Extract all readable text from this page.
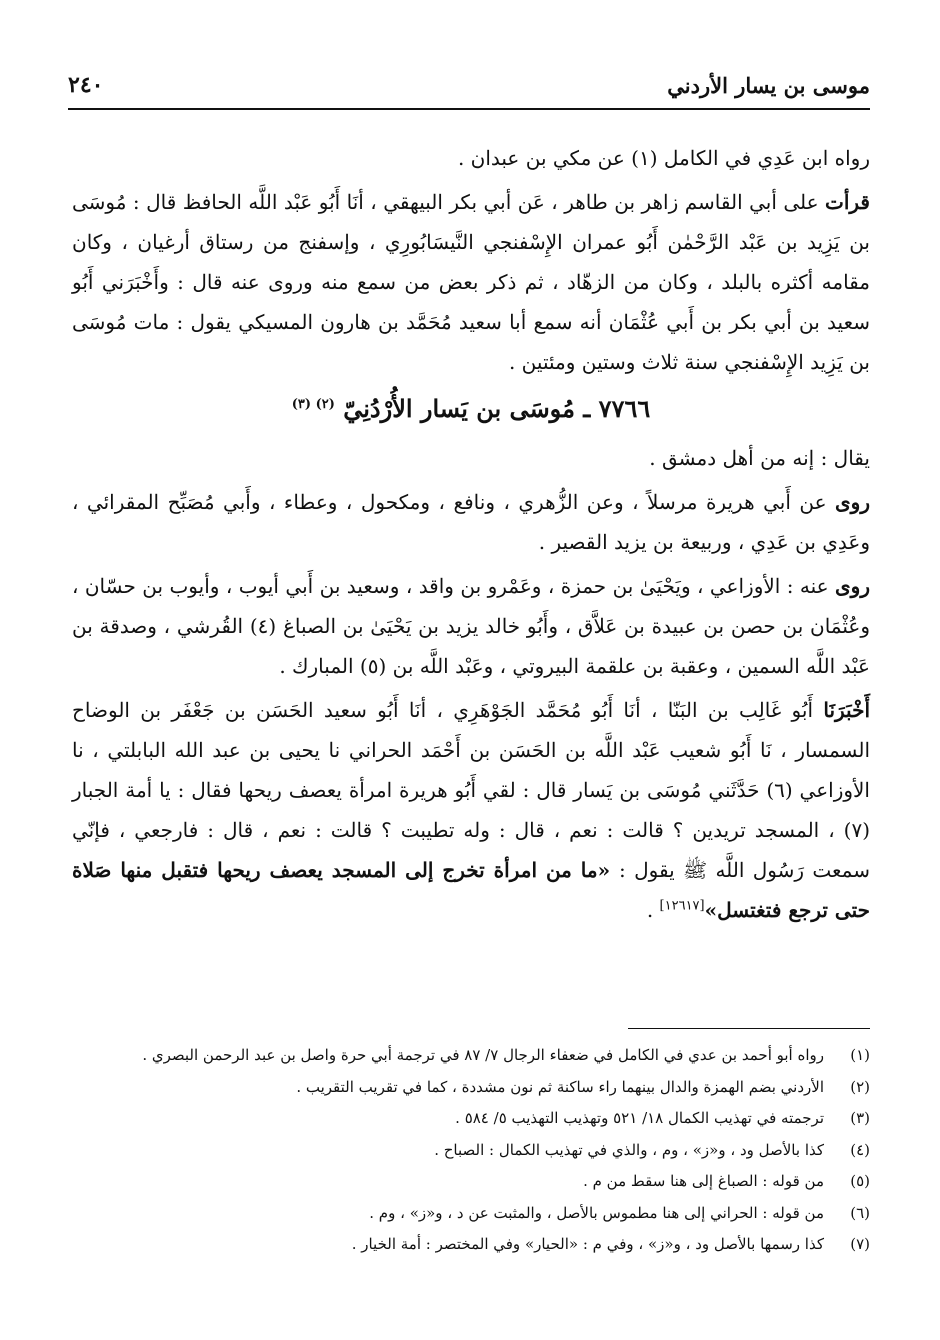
٢٤٠	موسى بن يسار الأردني

رواه ابن عَدِي في الكامل (١) عن مكي بن عبدان .

قرأت على أبي القاسم زاهر بن طاهر ، عَن أبي بكر البيهقي ، أنَا أَبُو عَبْد اللَّه الحافظ قال : مُوسَى بن يَزِيد بن عَبْد الرَّحْمٰن أَبُو عمران الإِسْفنجي النَّيسَابُورِي ، وإسفنج من رستاق أرغيان ، وكان مقامه أكثره بالبلد ، وكان من الزهّاد ، ثم ذكر بعض من سمع منه وروى عنه قال : وأَخْبَرَني أَبُو سعيد بن أبي بكر بن أَبي عُثْمَان أنه سمع أبا سعيد مُحَمَّد بن هارون المسيكي يقول : مات مُوسَى بن يَزِيد الإِسْفنجي سنة ثلاث وستين ومئتين .

٧٧٦٦ ـ مُوسَى بن يَسار الأُرْدُنِيّ $^{(٢) (٣)}$

يقال : إنه من أهل دمشق .

روى عن أَبي هريرة مرسلاً ، وعن الزُّهري ، ونافع ، ومكحول ، وعطاء ، وأَبي مُصَبِّح المقرائي ، وعَدِي بن عَدِي ، وربيعة بن يزيد القصير .

روى عنه : الأوزاعي ، ويَحْيَىٰ بن حمزة ، وعَمْرو بن واقد ، وسعيد بن أَبي أيوب ، وأيوب بن حسّان ، وعُثْمَان بن حصن بن عبيدة بن عَلاَّق ، وأَبُو خالد يزيد بن يَحْيَىٰ بن الصباغ (٤) القُرشي ، وصدقة بن عَبْد اللَّه السمين ، وعقبة بن علقمة البيروتي ، وعَبْد اللَّه بن (٥) المبارك .

أَخْبَرَنَا أَبُو غَالِب بن البَنّا ، أنَا أَبُو مُحَمَّد الجَوْهَرِي ، أنَا أَبُو سعيد الحَسَن بن جَعْفَر بن الوضاح السمسار ، نَا أَبُو شعيب عَبْد اللَّه بن الحَسَن بن أَحْمَد الحراني نا يحيى بن عبد الله البابلتي ، نا الأوزاعي (٦) حَدَّثَني مُوسَى بن يَسار قال : لقي أَبُو هريرة امرأة يعصف ريحها فقال : يا أمة الجبار (٧) ، المسجد تريدين ؟ قالت : نعم ، قال : وله تطيبت ؟ قالت : نعم ، قال : فارجعي ، فإنّي سمعت رَسُول اللَّه ﷺ يقول : «ما من امرأة تخرج إلى المسجد يعصف ريحها فتقبل منها صَلاة حتى ترجع فتغتسل»[١٢٦١٧] .

(١)
رواه أبو أحمد بن عدي في الكامل في ضعفاء الرجال ٧/ ٨٧ في ترجمة أبي حرة واصل بن عبد الرحمن البصري .
(٢)
الأردني بضم الهمزة والدال بينهما راء ساكنة ثم نون مشددة ، كما في تقريب التقريب .
(٣)
ترجمته في تهذيب الكمال ١٨/ ٥٢١ وتهذيب التهذيب ٥/ ٥٨٤ .
(٤)
كذا بالأصل ود ، و«ز» ، وم ، والذي في تهذيب الكمال : الصباح .
(٥)
من قوله : الصباغ إلى هنا سقط من م .
(٦)
من قوله : الحراني إلى هنا مطموس بالأصل ، والمثبت عن د ، و«ز» ، وم .
(٧)
كذا رسمها بالأصل ود ، و«ز» ، وفي م : «الحيار» وفي المختصر : أمة الخيار .
